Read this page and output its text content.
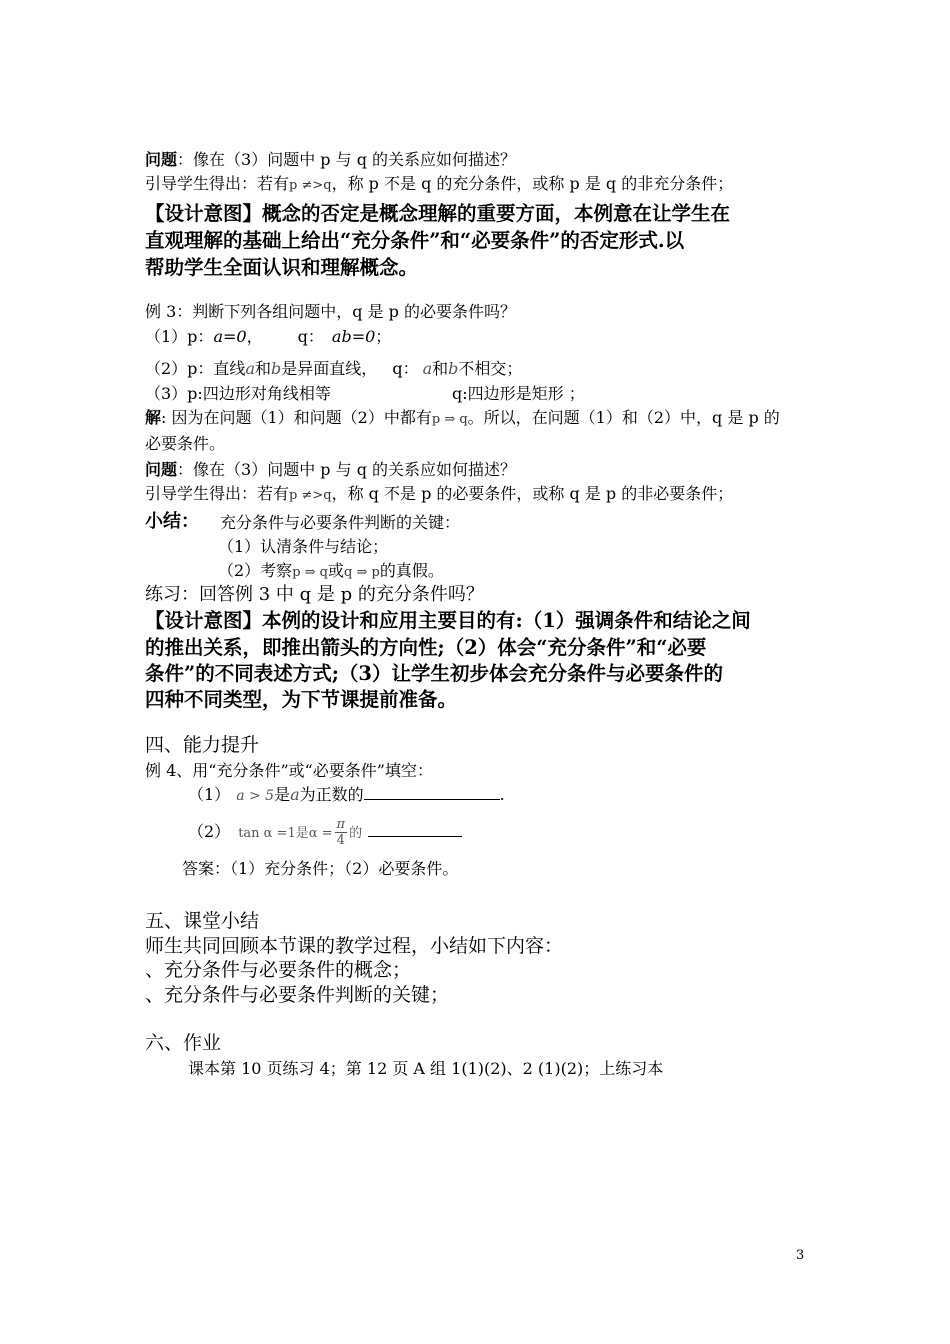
问题：像在（3）问题中 p 与 q 的关系应如何描述？
引导学生得出：若有p ≠>q，称 p 不是 q 的充分条件，或称 p 是 q 的非充分条件；
【设计意图】概念的否定是概念理解的重要方面，本例意在让学生在
直观理解的基础上给出“充分条件”和“必要条件”的否定形式.以
帮助学生全面认识和理解概念。
例 3：判断下列各组问题中，q 是 p 的必要条件吗？
（1）p：a=0， q： ab=0；
（2）p：直线a和b是异面直线， q： a和b不相交；
（3）p:四边形对角线相等	q:四边形是矩形 ；
解: 因为在问题（1）和问题（2）中都有p ⇒ q。所以，在问题（1）和（2）中，q 是 p 的
必要条件。
问题：像在（3）问题中 p 与 q 的关系应如何描述？
引导学生得出：若有p ≠>q，称 q 不是 p 的必要条件，或称 q 是 p 的非必要条件；
小结： 充分条件与必要条件判断的关键：
（1）认清条件与结论；
（2）考察p ⇒ q或q ⇒ p的真假。
练习：回答例 3 中 q 是 p 的充分条件吗？
【设计意图】本例的设计和应用主要目的有:（1）强调条件和结论之间
的推出关系，即推出箭头的方向性;（2）体会“充分条件”和“必要
条件”的不同表述方式;（3）让学生初步体会充分条件与必要条件的
四种不同类型，为下节课提前准备。
四、能力提升
例 4、用“充分条件”或“必要条件”填空：
（1） a > 5是a为正数的	.
（2） tan α =1是$\alpha = \frac{\pi}{4}$ 的
答案：（1）充分条件；（2）必要条件。
五、课堂小结
师生共同回顾本节课的教学过程，小结如下内容：
、充分条件与必要条件的概念；
、充分条件与必要条件判断的关键；
六、作业
课本第 10 页练习 4；第 12 页 A 组 1(1)(2)、2 (1)(2)；上练习本
3
